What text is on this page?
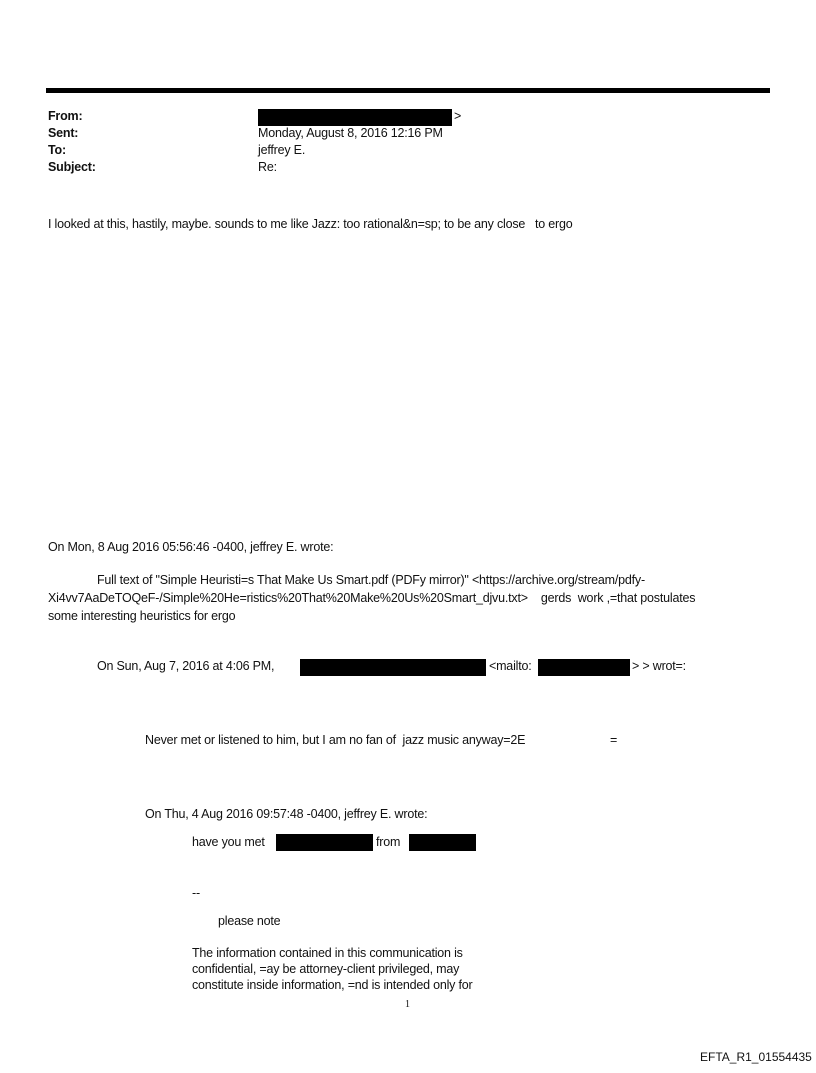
From:	>
Sent:	Monday, August 8, 2016 12:16 PM
To:	jeffrey E.
Subject:	Re:
I looked at this, hastily, maybe. sounds to me like Jazz: too rational&n=sp; to be any close   to ergo
On Mon, 8 Aug 2016 05:56:46 -0400, jeffrey E. wrote:
Full text of "Simple Heuristi=s That Make Us Smart.pdf (PDFy mirror)" <https://archive.org/stream/pdfy-
Xi4vv7AaDeTOQeF-/Simple%20He=ristics%20That%20Make%20Us%20Smart_djvu.txt>    gerds  work ,=that postulates
some interesting heuristics for ergo
On Sun, Aug 7, 2016 at 4:06 PM,	<mailto:	> > wrot=:
Never met or listened to him, but I am no fan of  jazz music anyway=2E	=
On Thu, 4 Aug 2016 09:57:48 -0400, jeffrey E. wrote:
have you met	from
--
please note
The information contained in this communication is
confidential, =ay be attorney-client privileged, may
constitute inside information, =nd is intended only for
1
EFTA_R1_01554435
